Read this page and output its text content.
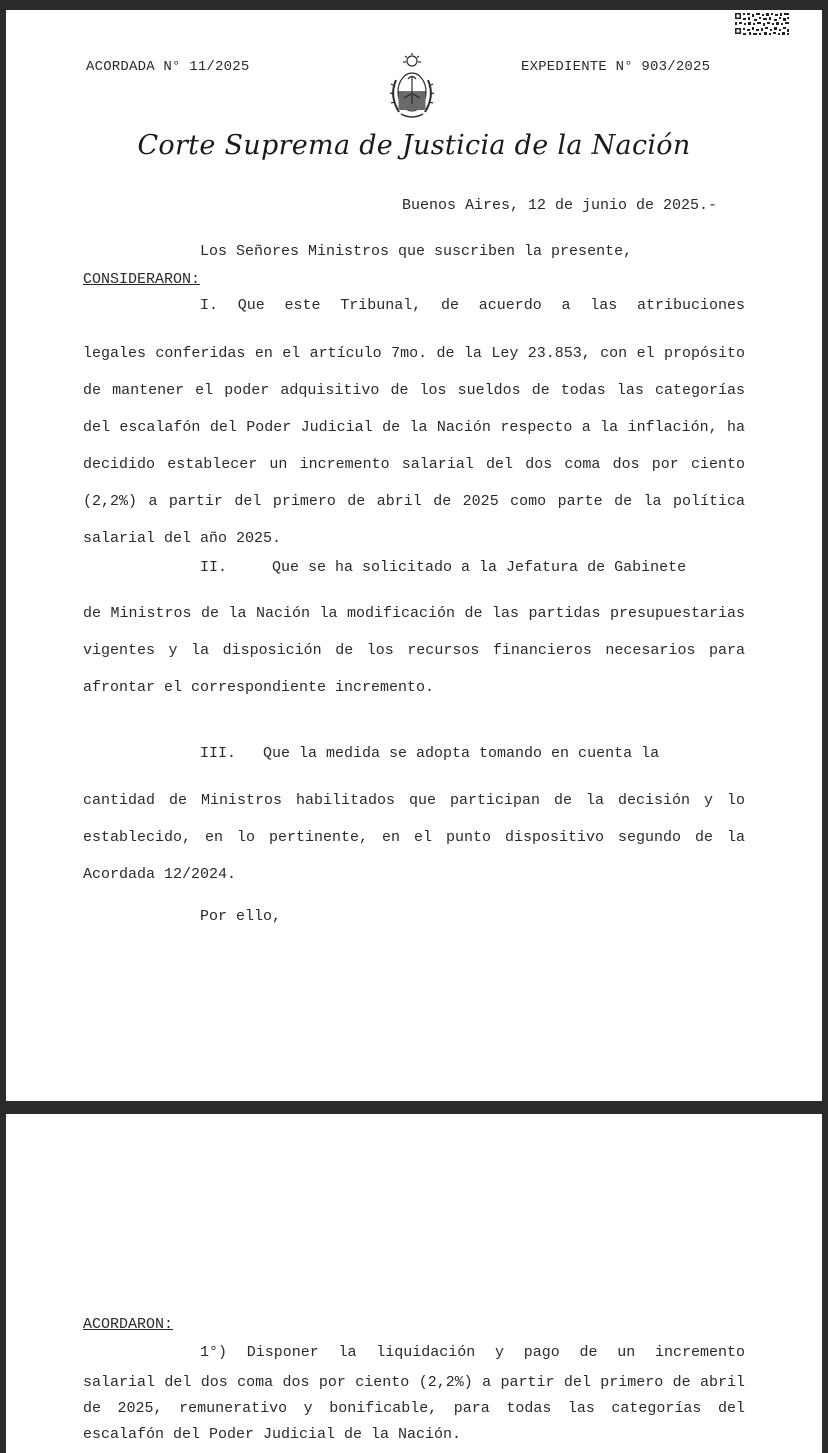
ACORDADA N° 11/2025	EXPEDIENTE N° 903/2025
Corte Suprema de Justicia de la Nación
Buenos Aires, 12 de junio de 2025.-
Los Señores Ministros que suscriben la presente,
CONSIDERARON:
I. Que este Tribunal, de acuerdo a las atribuciones

legales conferidas en el artículo 7mo. de la Ley 23.853, con el propósito de mantener el poder adquisitivo de los sueldos de todas las categorías del escalafón del Poder Judicial de la Nación respecto a la inflación, ha decidido establecer un incremento salarial del dos coma dos por ciento (2,2%) a partir del primero de abril de 2025 como parte de la política salarial del año 2025.

II.     Que se ha solicitado a la Jefatura de Gabinete

de Ministros de la Nación la modificación de las partidas presupuestarias vigentes y la disposición de los recursos financieros necesarios para afrontar el correspondiente incremento.

III.   Que la medida se adopta tomando en cuenta la

cantidad de Ministros habilitados que participan de la decisión y lo establecido, en lo pertinente, en el punto dispositivo segundo de la Acordada 12/2024.

Por ello,
ACORDARON:
1°) Disponer la liquidación y pago de un incremento

salarial del dos coma dos por ciento (2,2%) a partir del primero de abril de 2025, remunerativo y bonificable, para todas las categorías del escalafón del Poder Judicial de la Nación.
